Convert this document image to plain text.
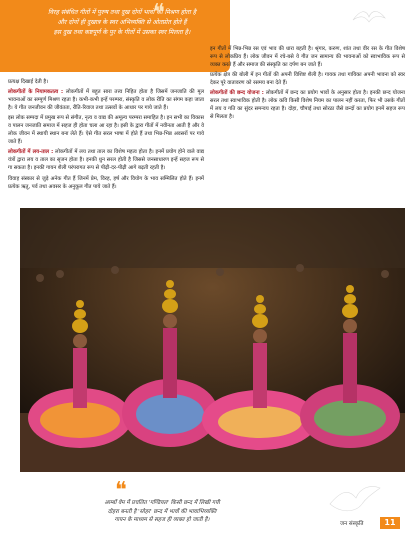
❝
विरह संबंधित गीतों में पुरुष तथा दुख दोनों भावों का मिश्रण होता है
और दोनों ही दुखात्र के स्वर अभिव्यक्ति से ओतप्रोत होते हैं
इस दुख तथा कष्टपूर्ण के पुर के गीतों में उसका स्वर मिलता है।

प्रत्यक्ष दिखाई देती है।

लोकगीतों के नियामकतत्व : लोकगीतों में बहुत सारा तत्त्व निहित होता है जिसमें जनजाति की मूल भावनाओं का सम्पूर्ण मिश्रण रहता है। कभी-कभी इन्हें परम्परा, संस्कृति व लोक रीति का संगम कहा जाता है। ये गीत जनजीवन की जीवंतता, रीति-रिवाज तथा उत्सवों के आधार पर गाये जाते हैं।

इस लोक सम्पदा में प्रमुख रूप से संगीत, नृत्य व वाद्य की अमूल्य परम्परा समाहित है। इन सभी का विकास व पालन जनजाति समाज में सहज ही होता चला आ रहा है। इसी के द्वारा गीतों में नवीनता आती है और वे लोक जीवन में स्थायी स्थान बना लेते हैं। ऐसे गीत सरल भाषा में होते हैं तथा भिन्न-भिन्न अवसरों पर गाये जाते हैं।

लोकगीतों में लय-ताल : लोकगीतों में लय तथा ताल का विशेष महत्व होता है। इनमें प्रयोग होने वाले वाद्य यंत्रों द्वारा लय व ताल का सृजन होता है। इनकी धुन सरल होती है जिससे जनसाधारण इन्हें सहज रूप से गा सकता है। इनकी गायन शैली परंपरागत रूप से पीढ़ी-दर-पीढ़ी आगे बढ़ती रहती है।

विवाह संस्कार से जुड़े अनेक गीत हैं जिनमें प्रेम, विरह, हर्ष और वियोग के भाव सम्मिलित होते हैं। इनमें प्रत्येक ऋतु, पर्व तथा अवसर के अनुकूल गीत पाये जाते हैं।

इन गीतों में भिन्न-भिन्न रस एवं भाव की धारा बहती है। श्रृंगार, करुण, शांत तथा वीर रस के गीत विशेष रूप से लोकप्रिय हैं। लोक जीवन में रचे-बसे ये गीत जन सामान्य की भावनाओं को स्वाभाविक रूप से व्यक्त करते हैं और समाज की संस्कृति का दर्पण बन जाते हैं।

प्रत्येक क्षेत्र की बोली में इन गीतों की अपनी विशिष्ट शैली है। गायक तथा गायिका अपनी भावना को स्वर देकर पूरे वातावरण को रसमय बना देते हैं।

लोकगीतों की छन्द योजना : लोकगीतों में छन्द का प्रयोग भावों के अनुसार होता है। इनकी छन्द योजना सरल तथा स्वाभाविक होती है। लोक कवि किसी विशेष नियम का पालन नहीं करता, फिर भी उसके गीतों में लय व गति का सुंदर समन्वय रहता है। दोहा, चौपाई तथा सोरठा जैसे छन्दों का प्रयोग इनमें सहज रूप से मिलता है।

❝
आम्बों वेम में प्रचलित 'गण्डियल' किसी छन्द में लिखी गयी
दोहरा बनती है 'सोहर' छन्द में भावों की भावाभिव्यक्ति
गायन के माध्यम से सहज ही व्यक्त हो जाती है।
जन संस्कृति	11
